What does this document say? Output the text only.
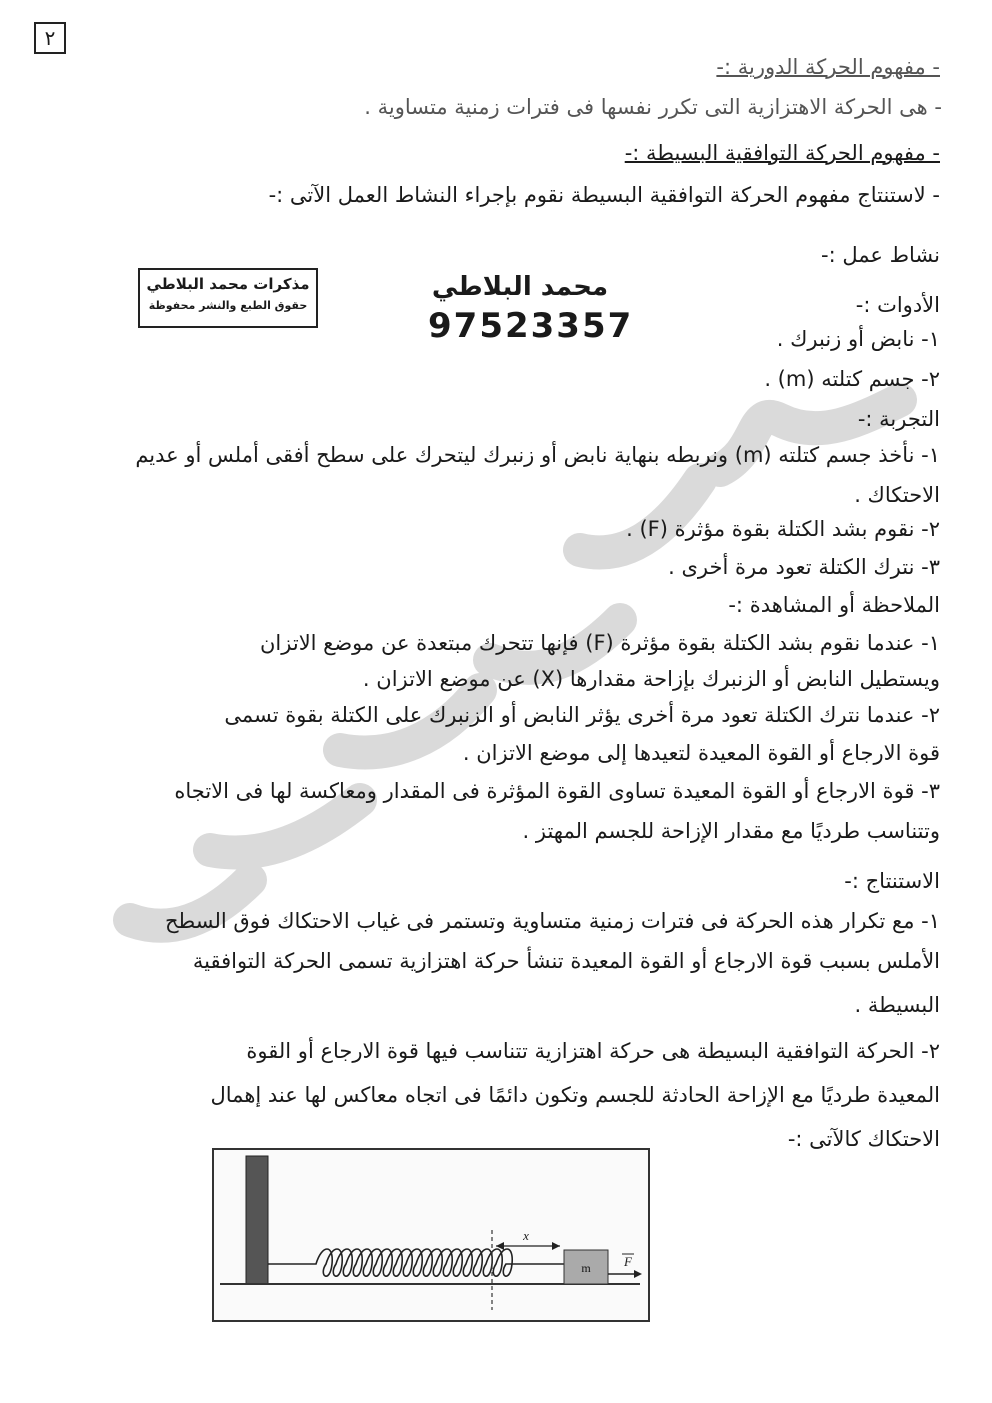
٢
مذكرات محمد البلاطي
حقوق الطبع والنشر محفوظة
محمد البلاطي
97523357
- مفهوم الحركة الدورية :-
- هى الحركة الاهتزازية التى تكرر نفسها فى فترات زمنية متساوية .
- مفهوم الحركة التوافقية البسيطة :-
- لاستنتاج مفهوم الحركة التوافقية البسيطة نقوم بإجراء النشاط العمل الآتى :-
نشاط عمل :-
الأدوات :-
١- نابض أو زنبرك .
٢- جسم كتلته (m) .
التجربة :-
١- نأخذ جسم كتلته (m) ونربطه بنهاية نابض أو زنبرك ليتحرك على سطح أفقى أملس أو عديم
الاحتكاك .
٢- نقوم بشد الكتلة بقوة مؤثرة (F) .
٣- نترك الكتلة تعود مرة أخرى .
الملاحظة أو المشاهدة :-
١- عندما نقوم بشد الكتلة بقوة مؤثرة (F) فإنها تتحرك مبتعدة عن موضع الاتزان
ويستطيل النابض أو الزنبرك بإزاحة مقدارها (X) عن موضع الاتزان .
٢- عندما نترك الكتلة تعود مرة أخرى يؤثر النابض أو الزنبرك على الكتلة بقوة تسمى
قوة الارجاع أو القوة المعيدة لتعيدها إلى موضع الاتزان .
٣- قوة الارجاع أو القوة المعيدة تساوى القوة المؤثرة فى المقدار ومعاكسة لها فى الاتجاه
وتتناسب طرديًا مع مقدار الإزاحة للجسم المهتز .
الاستنتاج :-
١- مع تكرار هذه الحركة فى فترات زمنية متساوية وتستمر فى غياب الاحتكاك فوق السطح
الأملس بسبب قوة الارجاع أو القوة المعيدة تنشأ حركة اهتزازية تسمى الحركة التوافقية
البسيطة .
٢- الحركة التوافقية البسيطة هى حركة اهتزازية تتناسب فيها قوة الارجاع أو القوة
المعيدة طرديًا مع الإزاحة الحادثة للجسم وتكون دائمًا فى اتجاه معاكس لها عند إهمال
الاحتكاك كالآتى :-
x
m	F
